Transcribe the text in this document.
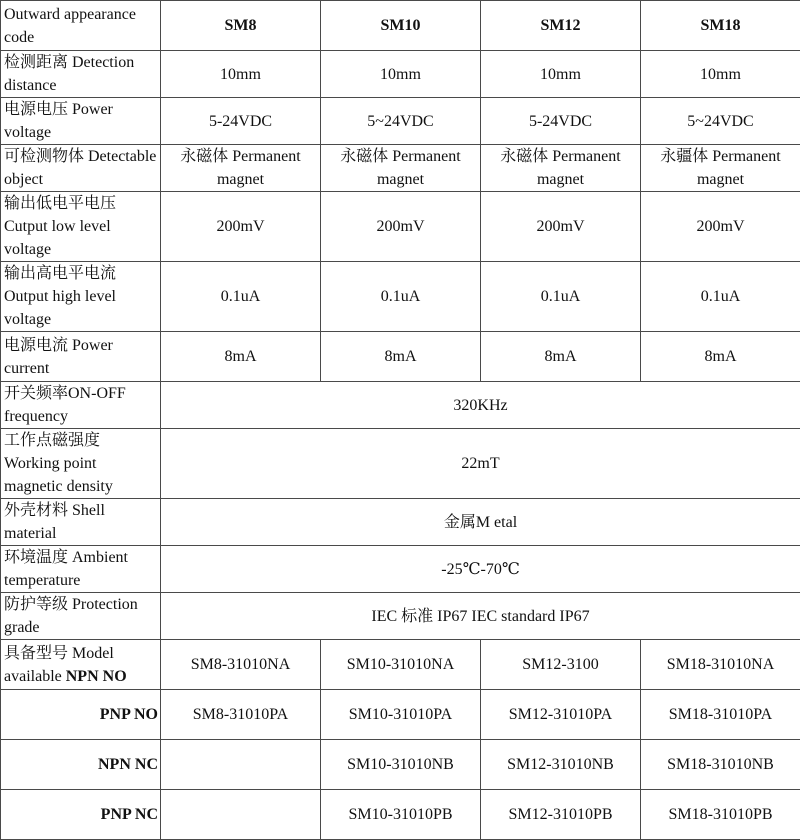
Outward appearance code	SM8	SM10	SM12	SM18
检测距离 Detection distance	10mm	10mm	10mm	10mm
电源电压 Power voltage	5-24VDC	5~24VDC	5-24VDC	5~24VDC
可检测物体 Detectable object	永磁体 Permanent magnet	永磁体 Permanent magnet	永磁体 Permanent magnet	永疆体 Permanent magnet
输出低电平电压 Cutput low level voltage	200mV	200mV	200mV	200mV
输出高电平电流 Output high level voltage	0.1uA	0.1uA	0.1uA	0.1uA
电源电流 Power current	8mA	8mA	8mA	8mA
开关频率ON-OFF frequency	320KHz			
工作点磁强度 Working point magnetic density	22mT			
外壳材料 Shell material	金属M etal			
环境温度 Ambient temperature	-25℃-70℃			
防护等级 Protection grade	IEC 标准 IP67 IEC standard IP67			
具备型号 Model available NPN NO	SM8-31010NA	SM10-31010NA	SM12-3100	SM18-31010NA
PNP NO	SM8-31010PA	SM10-31010PA	SM12-31010PA	SM18-31010PA
NPN NC		SM10-31010NB	SM12-31010NB	SM18-31010NB
PNP NC		SM10-31010PB	SM12-31010PB	SM18-31010PB
